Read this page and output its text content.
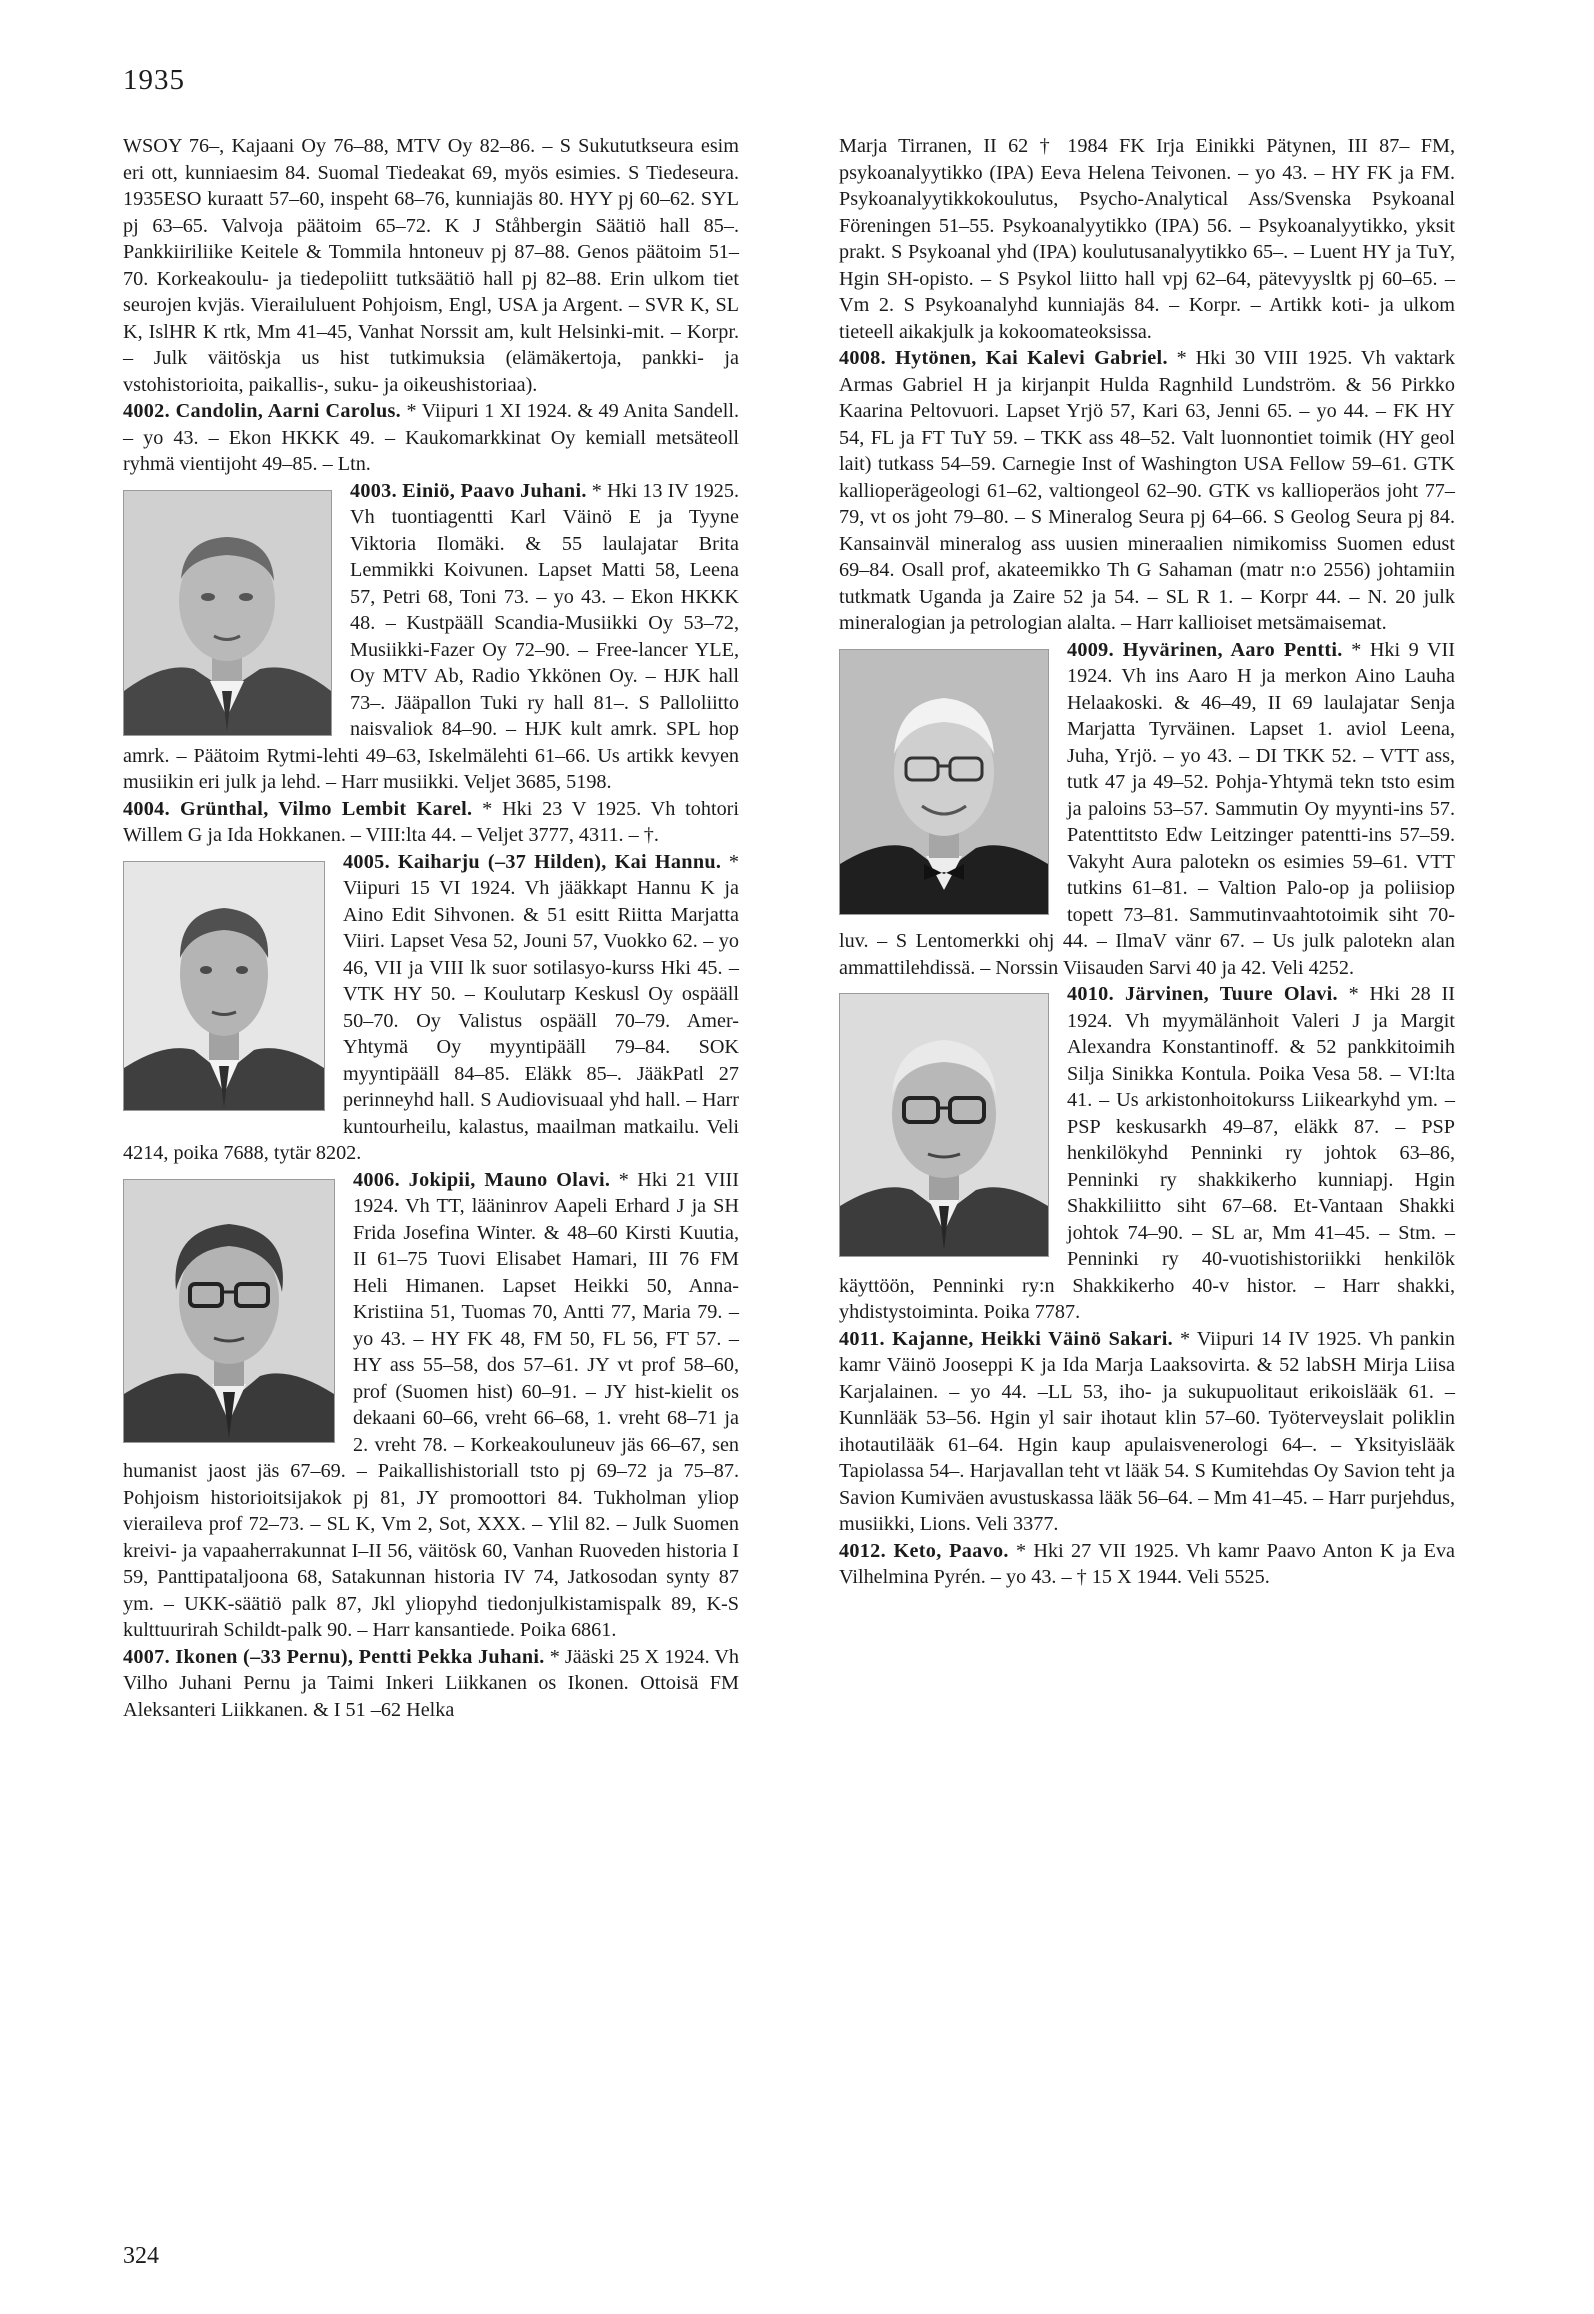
1935

WSOY 76–, Kajaani Oy 76–88, MTV Oy 82–86. – S Sukututkseura esim eri ott, kunniaesim 84. Suomal Tiedeakat 69, myös esimies. S Tiedeseura. 1935ESO kuraatt 57–60, inspeht 68–76, kunniajäs 80. HYY pj 60–62. SYL pj 63–65. Valvoja päätoim 65–72. K J Ståhbergin Säätiö hall 85–. Pankkiiriliike Keitele & Tommila hntoneuv pj 87–88. Genos päätoim 51–70. Korkeakoulu- ja tiedepoliitt tutksäätiö hall pj 82–88. Erin ulkom tiet seurojen kvjäs. Vierailuluent Pohjoism, Engl, USA ja Argent. – SVR K, SL K, IslHR K rtk, Mm 41–45, Vanhat Norssit am, kult Helsinki-mit. – Korpr. – Julk väitöskja us hist tutkimuksia (elämäkertoja, pankki- ja vstohistorioita, paikallis-, suku- ja oikeushistoriaa).

4002. Candolin, Aarni Carolus. * Viipuri 1 XI 1924. & 49 Anita Sandell. – yo 43. – Ekon HKKK 49. – Kaukomarkkinat Oy kemiall metsäteoll ryhmä vientijoht 49–85. – Ltn.

4003. Einiö, Paavo Juhani.
* Hki 13 IV 1925. Vh tuontiagentti Karl Väinö E ja Tyyne Viktoria Ilomäki. & 55 laulajatar Brita Lemmikki Koivunen. Lapset Matti 58, Leena 57, Petri 68, Toni 73. – yo 43. – Ekon HKKK 48. – Kustpääll Scandia-Musiikki Oy 53–72, Musiikki-Fazer Oy 72–90. – Free-lancer YLE, Oy MTV Ab, Radio Ykkönen Oy. – HJK hall 73–. Jääpallon Tuki ry hall 81–. S Palloliitto naisvaliok 84–90. – HJK kult amrk. SPL hop amrk. – Päätoim Rytmi-lehti 49–63, Iskelmälehti 61–66. Us artikk kevyen musiikin eri julk ja lehd. – Harr musiikki. Veljet 3685, 5198.

4004. Grünthal, Vilmo Lembit Karel. * Hki 23 V 1925. Vh tohtori Willem G ja Ida Hokkanen. – VIII:lta 44. – Veljet 3777, 4311. – †.

4005. Kaiharju (–37 Hilden), Kai Hannu.
* Viipuri 15 VI 1924. Vh jääkkapt Hannu K ja Aino Edit Sihvonen. & 51 esitt Riitta Marjatta Viiri. Lapset Vesa 52, Jouni 57, Vuokko 62. – yo 46, VII ja VIII lk suor sotilasyo-kurss Hki 45. – VTK HY 50. – Koulutarp Keskusl Oy ospääll 50–70. Oy Valistus ospääll 70–79. Amer-Yhtymä Oy myyntipääll 79–84. SOK myyntipääll 84–85. Eläkk 85–. JääkPatl 27 perinneyhd hall. S Audiovisuaal yhd hall. – Harr kuntourheilu, kalastus, maailman matkailu. Veli 4214, poika 7688, tytär 8202.

4006. Jokipii, Mauno Olavi.
* Hki 21 VIII 1924. Vh TT, lääninrov Aapeli Erhard J ja SH Frida Josefina Winter. & 48–60 Kirsti Kuutia, II 61–75 Tuovi Elisabet Hamari, III 76 FM Heli Himanen. Lapset Heikki 50, Anna-Kristiina 51, Tuomas 70, Antti 77, Maria 79. – yo 43. – HY FK 48, FM 50, FL 56, FT 57. – HY ass 55–58, dos 57–61. JY vt prof 58–60, prof (Suomen hist) 60–91. – JY hist-kielit os dekaani 60–66, vreht 66–68, 1. vreht 68–71 ja 2. vreht 78. – Korkeakouluneuv jäs 66–67, sen humanist jaost jäs 67–69. – Paikallishistoriall tsto pj 69–72 ja 75–87. Pohjoism historioitsijakok pj 81, JY promoottori 84. Tukholman yliop vieraileva prof 72–73. – SL K, Vm 2, Sot, XXX. – Ylil 82. – Julk Suomen kreivi- ja vapaaherrakunnat I–II 56, väitösk 60, Vanhan Ruoveden historia I 59, Panttipataljoona 68, Satakunnan historia IV 74, Jatkosodan synty 87 ym. – UKK-säätiö palk 87, Jkl yliopyhd tiedonjulkistamispalk 89, K-S kulttuurirah Schildt-palk 90. – Harr kansantiede. Poika 6861.

4007. Ikonen (–33 Pernu), Pentti Pekka Juhani. * Jääski 25 X 1924. Vh Vilho Juhani Pernu ja Taimi Inkeri Liikkanen os Ikonen. Ottoisä FM Aleksanteri Liikkanen. & I 51 –62 Helka

Marja Tirranen, II 62 † 1984 FK Irja Einikki Pätynen, III 87– FM, psykoanalyytikko (IPA) Eeva Helena Teivonen. – yo 43. – HY FK ja FM. Psykoanalyytikkokoulutus, Psycho-Analytical Ass/Svenska Psykoanal Föreningen 51–55. Psykoanalyytikko (IPA) 56. – Psykoanalyytikko, yksit prakt. S Psykoanal yhd (IPA) koulutusanalyytikko 65–. – Luent HY ja TuY, Hgin SH-opisto. – S Psykol liitto hall vpj 62–64, pätevyysltk pj 60–65. – Vm 2. S Psykoanalyhd kunniajäs 84. – Korpr. – Artikk koti- ja ulkom tieteell aikakjulk ja kokoomateoksissa.

4008. Hytönen, Kai Kalevi Gabriel. * Hki 30 VIII 1925. Vh vaktark Armas Gabriel H ja kirjanpit Hulda Ragnhild Lundström. & 56 Pirkko Kaarina Peltovuori. Lapset Yrjö 57, Kari 63, Jenni 65. – yo 44. – FK HY 54, FL ja FT TuY 59. – TKK ass 48–52. Valt luonnontiet toimik (HY geol lait) tutkass 54–59. Carnegie Inst of Washington USA Fellow 59–61. GTK kallioperägeologi 61–62, valtiongeol 62–90. GTK vs kallioperäos joht 77–79, vt os joht 79–80. – S Mineralog Seura pj 64–66. S Geolog Seura pj 84. Kansainväl mineralog ass uusien mineraalien nimikomiss Suomen edust 69–84. Osall prof, akateemikko Th G Sahaman (matr n:o 2556) johtamiin tutkmatk Uganda ja Zaire 52 ja 54. – SL R 1. – Korpr 44. – N. 20 julk mineralogian ja petrologian alalta. – Harr kallioiset metsämaisemat.

4009. Hyvärinen, Aaro Pentti.
* Hki 9 VII 1924. Vh ins Aaro H ja merkon Aino Lauha Helaakoski. & 46–49, II 69 laulajatar Senja Marjatta Tyrväinen. Lapset 1. aviol Leena, Juha, Yrjö. – yo 43. – DI TKK 52. – VTT ass, tutk 47 ja 49–52. Pohja-Yhtymä tekn tsto esim ja paloins 53–57. Sammutin Oy myynti-ins 57. Patenttitsto Edw Leitzinger patentti-ins 57–59. Vakyht Aura palotekn os esimies 59–61. VTT tutkins 61–81. – Valtion Palo-op ja poliisiop topett 73–81. Sammutinvaahtotoimik siht 70-luv. – S Lentomerkki ohj 44. – IlmaV vänr 67. – Us julk palotekn alan ammattilehdissä. – Norssin Viisauden Sarvi 40 ja 42. Veli 4252.

4010. Järvinen, Tuure Olavi.
* Hki 28 II 1924. Vh myymälänhoit Valeri J ja Margit Alexandra Konstantinoff. & 52 pankkitoimih Silja Sinikka Kontula. Poika Vesa 58. – VI:lta 41. – Us arkistonhoitokurss Liikearkyhd ym. – PSP keskusarkh 49–87, eläkk 87. – PSP henkilökyhd Penninki ry johtok 63–86, Penninki ry shakkikerho kunniapj. Hgin Shakkiliitto siht 67–68. Et-Vantaan Shakki johtok 74–90. – SL ar, Mm 41–45. – Stm. – Penninki ry 40-vuotishistoriikki henkilök käyttöön, Penninki ry:n Shakkikerho 40-v histor. – Harr shakki, yhdistystoiminta. Poika 7787.

4011. Kajanne, Heikki Väinö Sakari. * Viipuri 14 IV 1925. Vh pankin kamr Väinö Jooseppi K ja Ida Marja Laaksovirta. & 52 labSH Mirja Liisa Karjalainen. – yo 44. –LL 53, iho- ja sukupuolitaut erikoislääk 61. – Kunnlääk 53–56. Hgin yl sair ihotaut klin 57–60. Työterveyslait poliklin ihotautilääk 61–64. Hgin kaup apulaisvenerologi 64–. – Yksityislääk Tapiolassa 54–. Harjavallan teht vt lääk 54. S Kumitehdas Oy Savion teht ja Savion Kumiväen avustuskassa lääk 56–64. – Mm 41–45. – Harr purjehdus, musiikki, Lions. Veli 3377.

4012. Keto, Paavo. * Hki 27 VII 1925. Vh kamr Paavo Anton K ja Eva Vilhelmina Pyrén. – yo 43. – † 15 X 1944. Veli 5525.

324
